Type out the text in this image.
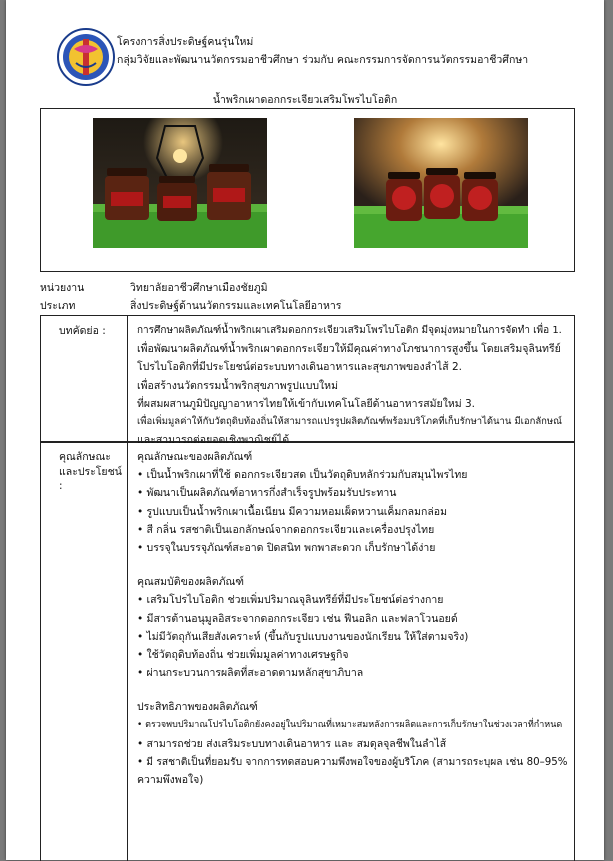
โครงการสิ่งประดิษฐ์คนรุ่นใหม่
กลุ่มวิจัยและพัฒนานวัตกรรมอาชีวศึกษา ร่วมกับ คณะกรรมการจัดการนวัตกรรมอาชีวศึกษา
น้ำพริกเผาดอกกระเจียวเสริมโพรไบโอติก
หน่วยงาน	วิทยาลัยอาชีวศึกษาเมืองชัยภูมิ
ประเภท	สิ่งประดิษฐ์ด้านนวัตกรรมและเทคโนโลยีอาหาร
บทคัดย่อ :	การศึกษาผลิตภัณฑ์น้ำพริกเผาเสริมดอกกระเจียวเสริมโพรไบโอติก มีจุดมุ่งหมายในการจัดทำ เพื่อ 1.
เพื่อพัฒนาผลิตภัณฑ์น้ำพริกเผาดอกกระเจียวให้มีคุณค่าทางโภชนาการสูงขึ้น โดยเสริมจุลินทรีย์
โปรไบโอติกที่มีประโยชน์ต่อระบบทางเดินอาหารและสุขภาพของลำไส้ 2.
เพื่อสร้างนวัตกรรมน้ำพริกสุขภาพรูปแบบใหม่
ที่ผสมผสานภูมิปัญญาอาหารไทยให้เข้ากับเทคโนโลยีด้านอาหารสมัยใหม่ 3.
เพื่อเพิ่มมูลค่าให้กับวัตถุดิบท้องถิ่นให้สามารถแปรรูปผลิตภัณฑ์พร้อมบริโภคที่เก็บรักษาได้นาน มีเอกลักษณ์
และสามารถต่อยอดเชิงพาณิชย์ได้
คุณลักษณะ
และประโยชน์ :
คุณลักษณะของผลิตภัณฑ์
• เป็นน้ำพริกเผาที่ใช้ ดอกกระเจียวสด เป็นวัตถุดิบหลักร่วมกับสมุนไพรไทย
• พัฒนาเป็นผลิตภัณฑ์อาหารกึ่งสำเร็จรูปพร้อมรับประทาน
• รูปแบบเป็นน้ำพริกเผาเนื้อเนียน มีความหอมเผ็ดหวานเค็มกลมกล่อม
• สี กลิ่น รสชาติเป็นเอกลักษณ์จากดอกกระเจียวและเครื่องปรุงไทย
• บรรจุในบรรจุภัณฑ์สะอาด ปิดสนิท พกพาสะดวก เก็บรักษาได้ง่าย
คุณสมบัติของผลิตภัณฑ์
• เสริมโปรไบโอติก ช่วยเพิ่มปริมาณจุลินทรีย์ที่มีประโยชน์ต่อร่างกาย
• มีสารต้านอนุมูลอิสระจากดอกกระเจียว เช่น ฟีนอลิก และฟลาโวนอยด์
• ไม่มีวัตถุกันเสียสังเคราะห์ (ขึ้นกับรูปแบบงานของนักเรียน ให้ใส่ตามจริง)
• ใช้วัตถุดิบท้องถิ่น ช่วยเพิ่มมูลค่าทางเศรษฐกิจ
• ผ่านกระบวนการผลิตที่สะอาดตามหลักสุขาภิบาล
ประสิทธิภาพของผลิตภัณฑ์
• ตรวจพบปริมาณโปรไบโอติกยังคงอยู่ในปริมาณที่เหมาะสมหลังการผลิตและการเก็บรักษาในช่วงเวลาที่กำหนด
• สามารถช่วย ส่งเสริมระบบทางเดินอาหาร และ สมดุลจุลชีพในลำไส้
• มี รสชาติเป็นที่ยอมรับ จากการทดสอบความพึงพอใจของผู้บริโภค (สามารถระบุผล เช่น 80–95%
ความพึงพอใจ)
